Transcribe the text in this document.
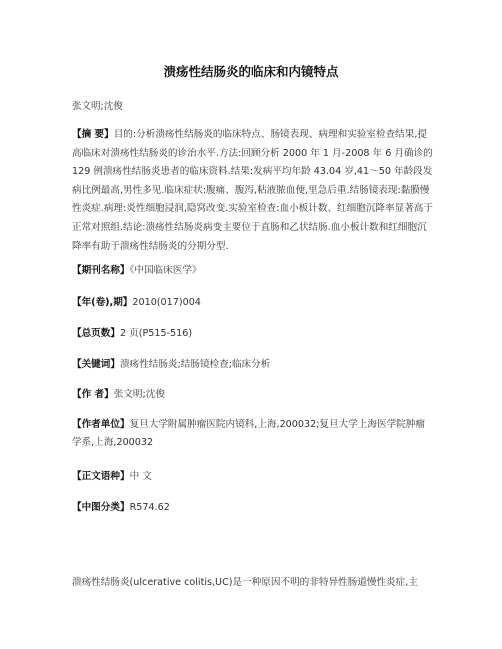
溃疡性结肠炎的临床和内镜特点
张文明;沈俊
【摘 要】目的:分析溃疡性结肠炎的临床特点、肠镜表现、病理和实验室检查结果,提高临床对溃疡性结肠炎的诊治水平.方法:回顾分析 2000 年 1 月-2008 年 6 月确诊的 129 例溃疡性结肠炎患者的临床资料.结果:发病平均年龄 43.04 岁,41～50 年龄段发病比例最高,男性多见.临床症状:腹痛、腹泻,粘液脓血便,里急后重.结肠镜表现:黏膜慢性炎症.病理:炎性细胞浸润,隐窝改变.实验室检查:血小板计数、红细胞沉降率显著高于正常对照组.结论:溃疡性结肠炎病变主要位于直肠和乙状结肠.血小板计数和红细胞沉降率有助于溃疡性结肠炎的分期分型.
【期刊名称】《中国临床医学》
【年(卷),期】2010(017)004
【总页数】2 页(P515-516)
【关键词】溃疡性结肠炎;结肠镜检查;临床分析
【作 者】张文明;沈俊
【作者单位】复旦大学附属肿瘤医院内镜科,上海,200032;复旦大学上海医学院肿瘤学系,上海,200032
【正文语种】中 文
【中图分类】R574.62
溃疡性结肠炎(ulcerative colitis,UC)是一种原因不明的非特异性肠道慢性炎症,主
